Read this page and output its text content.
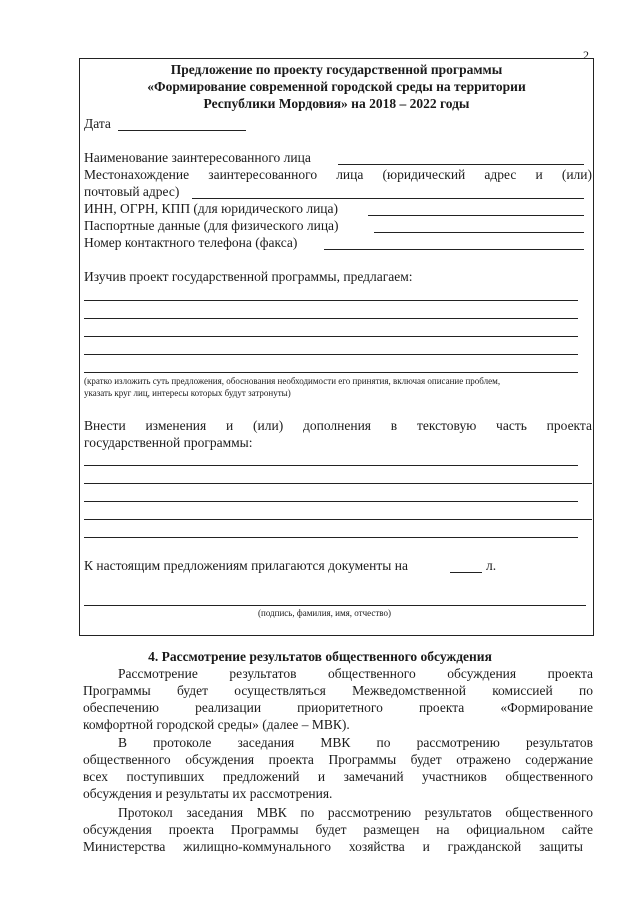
2
Предложение по проекту государственной программы
«Формирование современной городской среды на территории
Республики Мордовия» на 2018 – 2022 годы
Дата
Наименование заинтересованного лица
Местонахождение заинтересованного лица (юридический адрес и (или)
почтовый адрес)
ИНН, ОГРН, КПП (для юридического лица)
Паспортные данные (для физического лица)
Номер контактного телефона (факса)
Изучив проект государственной программы, предлагаем:
(кратко изложить суть предложения, обоснования необходимости его принятия, включая описание проблем,
указать круг лиц, интересы которых будут затронуты)
Внести изменения и (или) дополнения в текстовую часть проекта
государственной программы:
К настоящим предложениям прилагаются документы на	л.
(подпись, фамилия, имя, отчество)
4. Рассмотрение результатов общественного обсуждения
Рассмотрение результатов общественного обсуждения проекта
Программы будет осуществляться Межведомственной комиссией по
обеспечению реализации приоритетного проекта «Формирование
комфортной городской среды» (далее – МВК).
В протоколе заседания МВК по рассмотрению результатов
общественного обсуждения проекта Программы будет отражено содержание
всех поступивших предложений и замечаний участников общественного
обсуждения и результаты их рассмотрения.
Протокол заседания МВК по рассмотрению результатов общественного
обсуждения проекта Программы будет размещен на официальном сайте
Министерства жилищно-коммунального хозяйства и гражданской защиты
